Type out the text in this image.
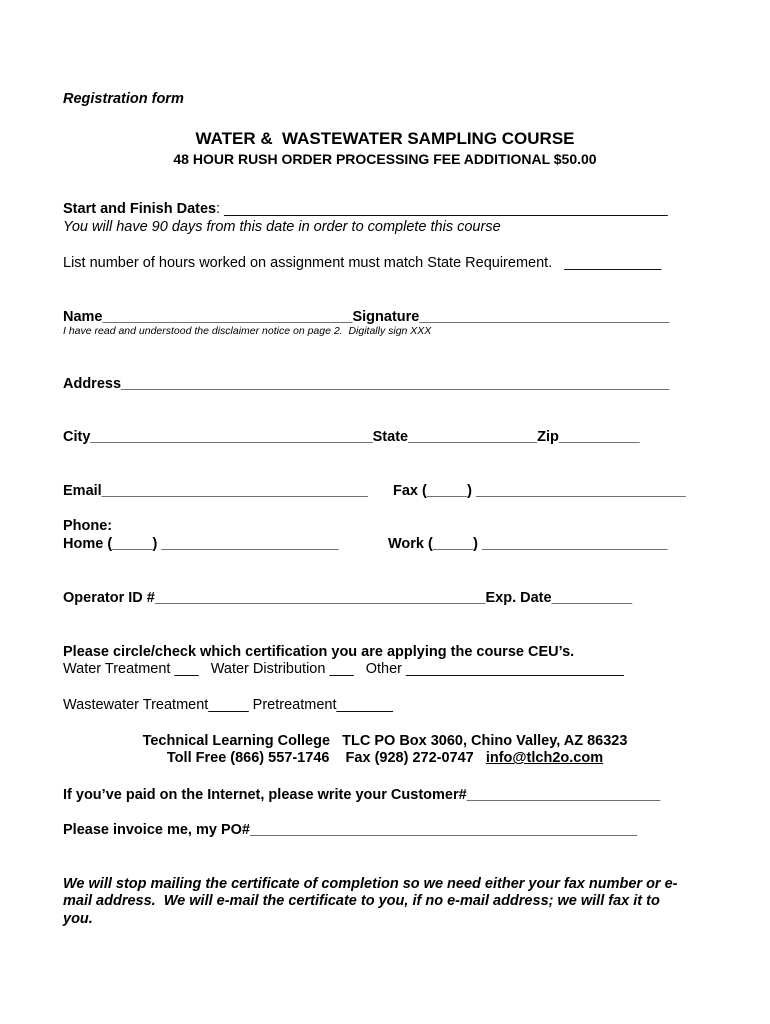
Registration form
WATER &  WASTEWATER SAMPLING COURSE
48 HOUR RUSH ORDER PROCESSING FEE ADDITIONAL $50.00
Start and Finish Dates: _______________________________________________________
You will have 90 days from this date in order to complete this course
List number of hours worked on assignment must match State Requirement.   ____________
Name_______________________________Signature_______________________________
I have read and understood the disclaimer notice on page 2.  Digitally sign XXX
Address____________________________________________________________________
City___________________________________State________________Zip__________
Email_________________________________ Fax (_____) __________________________
Phone:
Home (_____) ______________________	Work (_____) _______________________
Operator ID #_________________________________________Exp. Date__________
Please circle/check which certification you are applying the course CEU’s.
Water Treatment ___   Water Distribution ___   Other ___________________________
Wastewater Treatment_____ Pretreatment_______
Technical Learning College   TLC PO Box 3060, Chino Valley, AZ 86323
Toll Free (866) 557-1746    Fax (928) 272-0747   info@tlch2o.com
If you’ve paid on the Internet, please write your Customer#________________________
Please invoice me, my PO#________________________________________________
We will stop mailing the certificate of completion so we need either your fax number or e-
mail address.  We will e-mail the certificate to you, if no e-mail address; we will fax it to
you.
